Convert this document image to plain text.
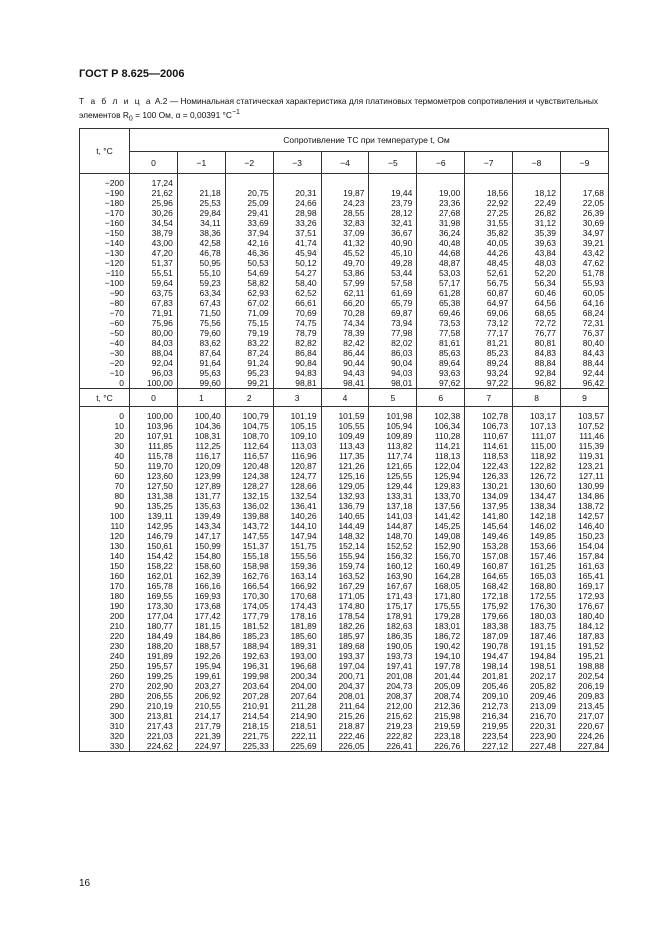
ГОСТ Р 8.625—2006
Т а б л и ц а А.2 — Номинальная статическая характеристика для платиновых термометров сопротивления и чувствительных элементов $R_0 = 100$ Ом, α = 0,00391 $^\circ С^{-1}$
t, °С	Сопротивление ТС при температуре t, Ом									
	0	−1	−2	−3	−4	−5	−6	−7	−8	−9

−200	17,24									
−190	21,62	21,18	20,75	20,31	19,87	19,44	19,00	18,56	18,12	17,68
−180	25,96	25,53	25,09	24,66	24,23	23,79	23,36	22,92	22,49	22,05
−170	30,26	29,84	29,41	28,98	28,55	28,12	27,68	27,25	26,82	26,39
−160	34,54	34,11	33,69	33,26	32,83	32,41	31,98	31,55	31,12	30,69
−150	38,79	38,36	37,94	37,51	37,09	36,67	36,24	35,82	35,39	34,97
−140	43,00	42,58	42,16	41,74	41,32	40,90	40,48	40,05	39,63	39,21
−130	47,20	46,78	46,36	45,94	45,52	45,10	44,68	44,26	43,84	43,42
−120	51,37	50,95	50,53	50,12	49,70	49,28	48,87	48,45	48,03	47,62
−110	55,51	55,10	54,69	54,27	53,86	53,44	53,03	52,61	52,20	51,78
−100	59,64	59,23	58,82	58,40	57,99	57,58	57,17	56,75	56,34	55,93
−90	63,75	63,34	62,93	62,52	62,11	61,69	61,28	60,87	60,46	60,05
−80	67,83	67,43	67,02	66,61	66,20	65,79	65,38	64,97	64,56	64,16
−70	71,91	71,50	71,09	70,69	70,28	69,87	69,46	69,06	68,65	68,24
−60	75,96	75,56	75,15	74,75	74,34	73,94	73,53	73,12	72,72	72,31
−50	80,00	79,60	79,19	78,79	78,39	77,98	77,58	77,17	76,77	76,37
−40	84,03	83,62	83,22	82,82	82,42	82,02	81,61	81,21	80,81	80,40
−30	88,04	87,64	87,24	86,84	86,44	86,03	85,63	85,23	84,83	84,43
−20	92,04	91,64	91,24	90,84	90,44	90,04	89,64	89,24	88,84	88,44
−10	96,03	95,63	95,23	94,83	94,43	94,03	93,63	93,24	92,84	92,44
0	100,00	99,60	99,21	98,81	98,41	98,01	97,62	97,22	96,82	96,42
t, °С	0	1	2	3	4	5	6	7	8	9

0	100,00	100,40	100,79	101,19	101,59	101,98	102,38	102,78	103,17	103,57
10	103,96	104,36	104,75	105,15	105,55	105,94	106,34	106,73	107,13	107,52
20	107,91	108,31	108,70	109,10	109,49	109,89	110,28	110,67	111,07	111,46
30	111,85	112,25	112,64	113,03	113,43	113,82	114,21	114,61	115,00	115,39
40	115,78	116,17	116,57	116,96	117,35	117,74	118,13	118,53	118,92	119,31
50	119,70	120,09	120,48	120,87	121,26	121,65	122,04	122,43	122,82	123,21
60	123,60	123,99	124,38	124,77	125,16	125,55	125,94	126,33	126,72	127,11
70	127,50	127,89	128,27	128,66	129,05	129,44	129,83	130,21	130,60	130,99
80	131,38	131,77	132,15	132,54	132,93	133,31	133,70	134,09	134,47	134,86
90	135,25	135,63	136,02	136,41	136,79	137,18	137,56	137,95	138,34	138,72
100	139,11	139,49	139,88	140,26	140,65	141,03	141,42	141,80	142,18	142,57
110	142,95	143,34	143,72	144,10	144,49	144,87	145,25	145,64	146,02	146,40
120	146,79	147,17	147,55	147,94	148,32	148,70	149,08	149,46	149,85	150,23
130	150,61	150,99	151,37	151,75	152,14	152,52	152,90	153,28	153,66	154,04
140	154,42	154,80	155,18	155,56	155,94	156,32	156,70	157,08	157,46	157,84
150	158,22	158,60	158,98	159,36	159,74	160,12	160,49	160,87	161,25	161,63
160	162,01	162,39	162,76	163,14	163,52	163,90	164,28	164,65	165,03	165,41
170	165,78	166,16	166,54	166,92	167,29	167,67	168,05	168,42	168,80	169,17
180	169,55	169,93	170,30	170,68	171,05	171,43	171,80	172,18	172,55	172,93
190	173,30	173,68	174,05	174,43	174,80	175,17	175,55	175,92	176,30	176,67
200	177,04	177,42	177,79	178,16	178,54	178,91	179,28	179,66	180,03	180,40
210	180,77	181,15	181,52	181,89	182,26	182,63	183,01	183,38	183,75	184,12
220	184,49	184,86	185,23	185,60	185,97	186,35	186,72	187,09	187,46	187,83
230	188,20	188,57	188,94	189,31	189,68	190,05	190,42	190,78	191,15	191,52
240	191,89	192,26	192,63	193,00	193,37	193,73	194,10	194,47	194,84	195,21
250	195,57	195,94	196,31	196,68	197,04	197,41	197,78	198,14	198,51	198,88
260	199,25	199,61	199,98	200,34	200,71	201,08	201,44	201,81	202,17	202,54
270	202,90	203,27	203,64	204,00	204,37	204,73	205,09	205,46	205,82	206,19
280	206,55	206,92	207,28	207,64	208,01	208,37	208,74	209,10	209,46	209,83
290	210,19	210,55	210,91	211,28	211,64	212,00	212,36	212,73	213,09	213,45
300	213,81	214,17	214,54	214,90	215,26	215,62	215,98	216,34	216,70	217,07
310	217,43	217,79	218,15	218,51	218,87	219,23	219,59	219,95	220,31	220,67
320	221,03	221,39	221,75	222,11	222,46	222,82	223,18	223,54	223,90	224,26
330	224,62	224,97	225,33	225,69	226,05	226,41	226,76	227,12	227,48	227,84
16
